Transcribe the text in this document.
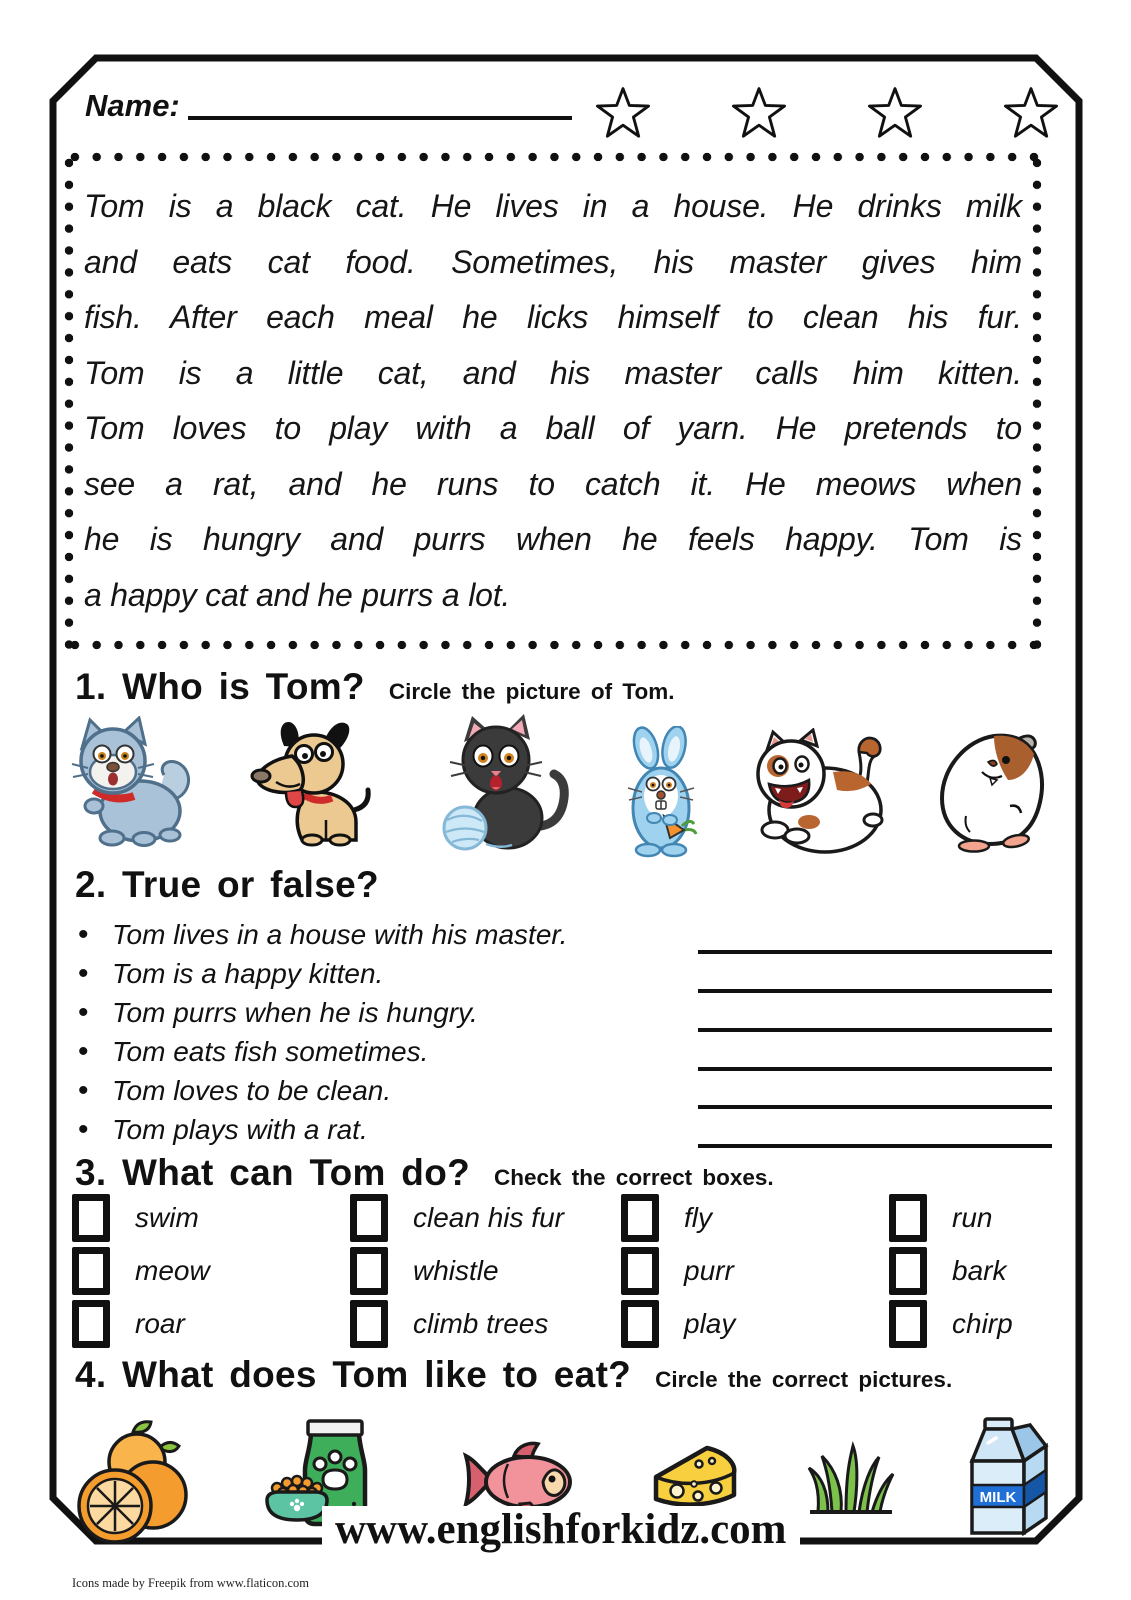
Name:
Tom is a black cat. He lives in a house. He drinks milk
and eats cat food. Sometimes, his master gives him
fish. After each meal he licks himself to clean his fur.
Tom is a little cat, and his master calls him kitten.
Tom loves to play with a ball of yarn. He pretends to
see a rat, and he runs to catch it. He meows when
he is hungry and purrs when he feels happy. Tom is
a happy cat and he purrs a lot.
1. Who is Tom? Circle the picture of Tom.
2. True or false?
• Tom lives in a house with his master.
• Tom is a happy kitten.
• Tom purrs when he is hungry.
• Tom eats fish sometimes.
• Tom loves to be clean.
• Tom plays with a rat.
3. What can Tom do? Check the correct boxes.
swim	clean his fur	fly	run
meow	whistle	purr	bark
roar	climb trees	play	chirp
4. What does Tom like to eat? Circle the correct pictures.
MILK
www.englishforkidz.com
Icons made by Freepik from www.flaticon.com
